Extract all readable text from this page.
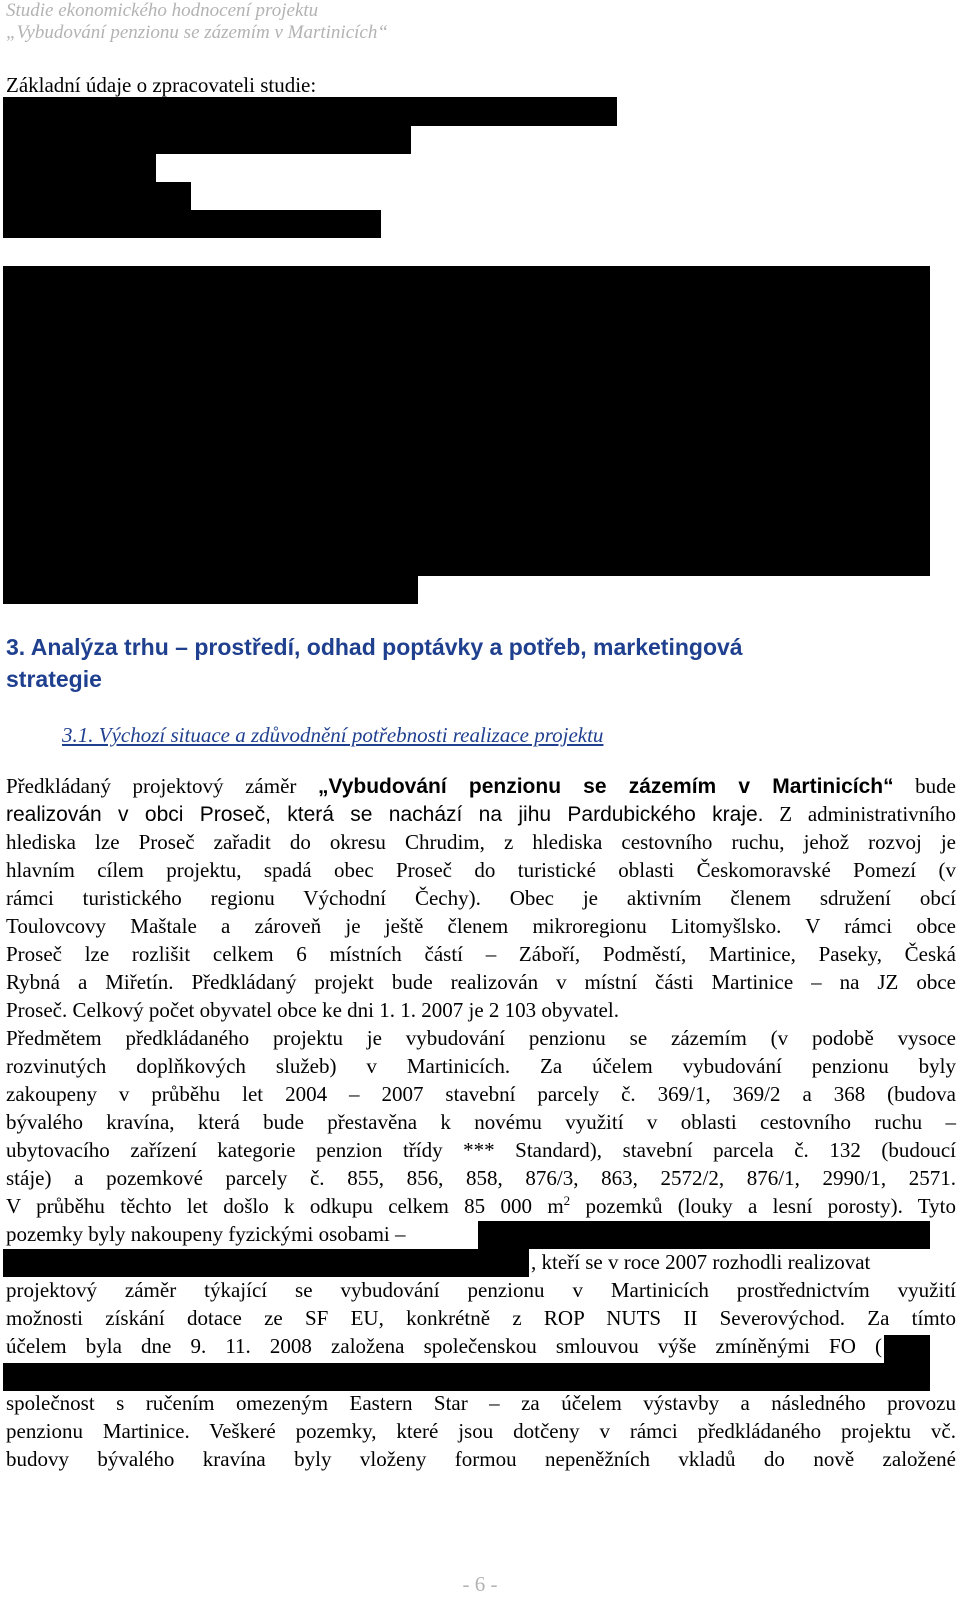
Studie ekonomického hodnocení projektu
„Vybudování penzionu se zázemím v Martinicích“
Základní údaje o zpracovateli studie:
3. Analýza trhu – prostředí, odhad poptávky a potřeb, marketingová
strategie
3.1. Výchozí situace a zdůvodnění potřebnosti realizace projektu
Předkládaný projektový záměr „Vybudování penzionu se zázemím v Martinicích“ bude
realizován v obci Proseč, která se nachází na jihu Pardubického kraje. Z administrativního
hlediska lze Proseč zařadit do okresu Chrudim, z hlediska cestovního ruchu, jehož rozvoj je
hlavním cílem projektu, spadá obec Proseč do turistické oblasti Českomoravské Pomezí (v
rámci turistického regionu Východní Čechy). Obec je aktivním členem sdružení obcí
Toulovcovy Maštale a zároveň je ještě členem mikroregionu Litomyšlsko. V rámci obce
Proseč lze rozlišit celkem 6 místních částí – Záboří, Podměstí, Martinice, Paseky, Česká
Rybná a Miřetín. Předkládaný projekt bude realizován v místní části Martinice – na JZ obce
Proseč. Celkový počet obyvatel obce ke dni 1. 1. 2007 je 2 103 obyvatel.
Předmětem předkládaného projektu je vybudování penzionu se zázemím (v podobě vysoce
rozvinutých doplňkových služeb) v Martinicích. Za účelem vybudování penzionu byly
zakoupeny v průběhu let 2004 – 2007 stavební parcely č. 369/1, 369/2 a 368 (budova
bývalého kravína, která bude přestavěna k novému využití v oblasti cestovního ruchu –
ubytovacího zařízení kategorie penzion třídy *** Standard), stavební parcela č. 132 (budoucí
stáje) a pozemkové parcely č. 855, 856, 858, 876/3, 863, 2572/2, 876/1, 2990/1, 2571.
V průběhu těchto let došlo k odkupu celkem 85 000 $m^2$ pozemků (louky a lesní porosty). Tyto
pozemky byly nakoupeny fyzickými osobami –
, kteří se v roce 2007 rozhodli realizovat
projektový záměr týkající se vybudování penzionu v Martinicích prostřednictvím využití
možnosti získání dotace ze SF EU, konkrétně z ROP NUTS II Severovýchod. Za tímto
účelem byla dne 9. 11. 2008 založena společenskou smlouvou výše zmíněnými FO (
společnost s ručením omezeným Eastern Star – za účelem výstavby a následného provozu
penzionu Martinice. Veškeré pozemky, které jsou dotčeny v rámci předkládaného projektu vč.
budovy bývalého kravína byly vloženy formou nepeněžních vkladů do nově založené
- 6 -
